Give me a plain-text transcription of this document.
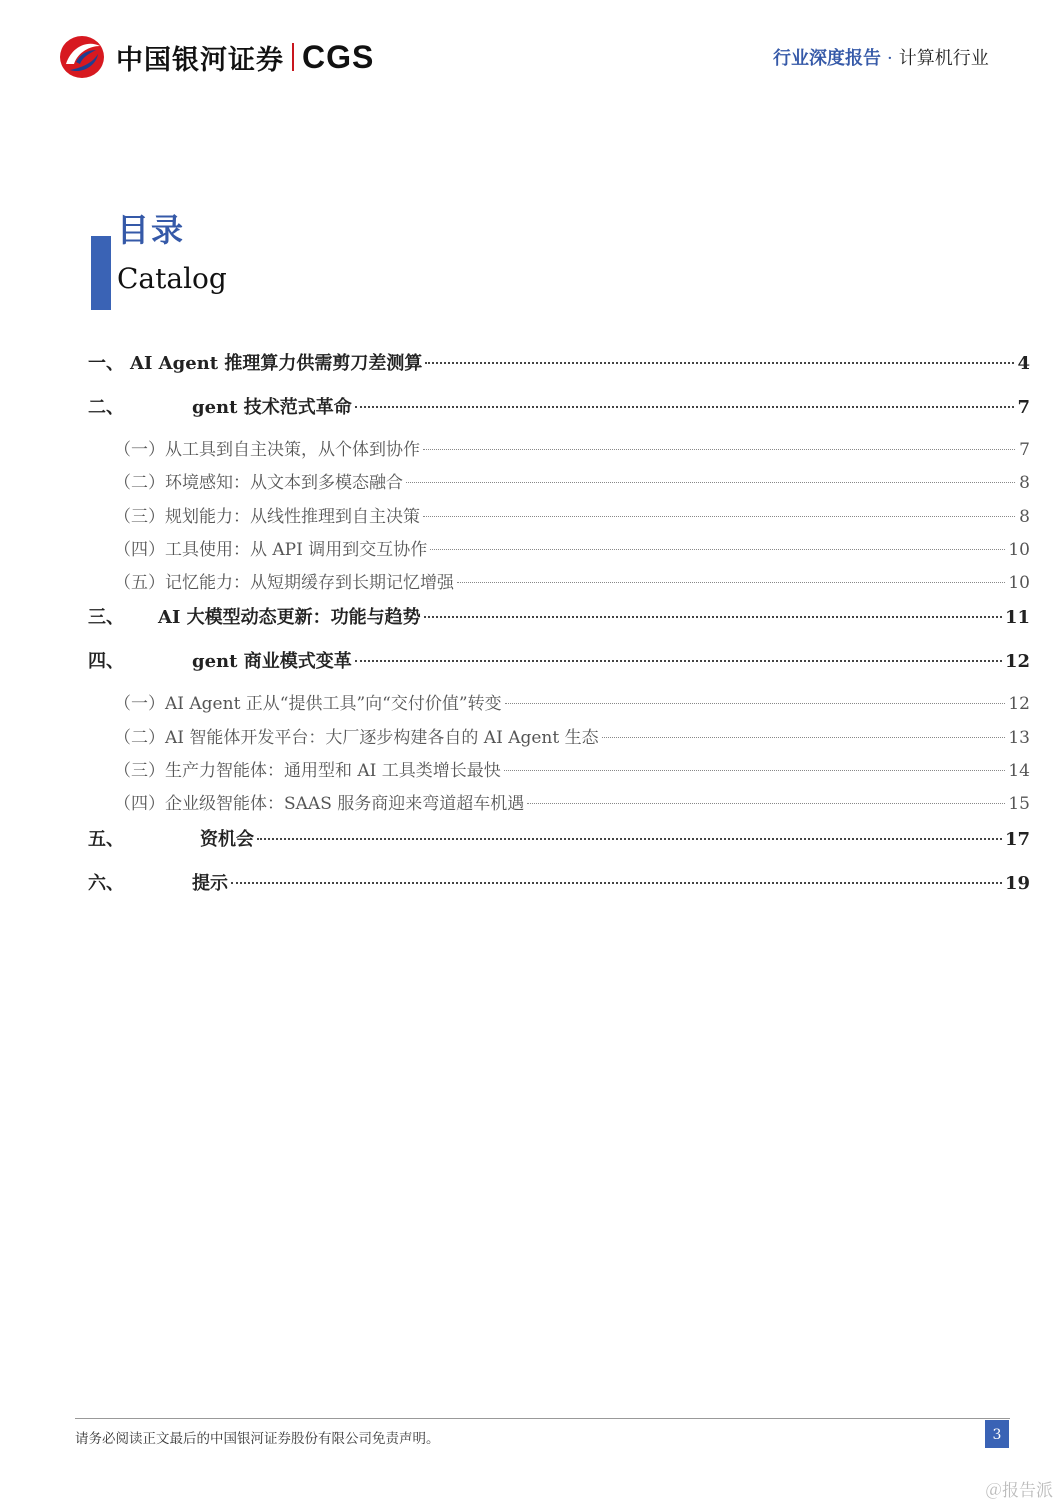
中国银河证券 CGS	行业深度报告 · 计算机行业
目录
Catalog
一、 AI Agent 推理算力供需剪刀差测算	4
二、	gent 技术范式革命	7
（一） 从工具到自主决策，从个体到协作	7
（二） 环境感知：从文本到多模态融合	8
（三） 规划能力：从线性推理到自主决策	8
（四） 工具使用：从 API 调用到交互协作	10
（五） 记忆能力：从短期缓存到长期记忆增强	10
三、	AI 大模型动态更新：功能与趋势	11
四、	gent 商业模式变革	12
（一） AI Agent 正从“提供工具”向“交付价值”转变	12
（二） AI 智能体开发平台：大厂逐步构建各自的 AI Agent 生态	13
（三） 生产力智能体：通用型和 AI 工具类增长最快	14
（四） 企业级智能体：SAAS 服务商迎来弯道超车机遇	15
五、	资机会	17
六、	提示	19
请务必阅读正文最后的中国银河证券股份有限公司免责声明。	3
＠报告派
